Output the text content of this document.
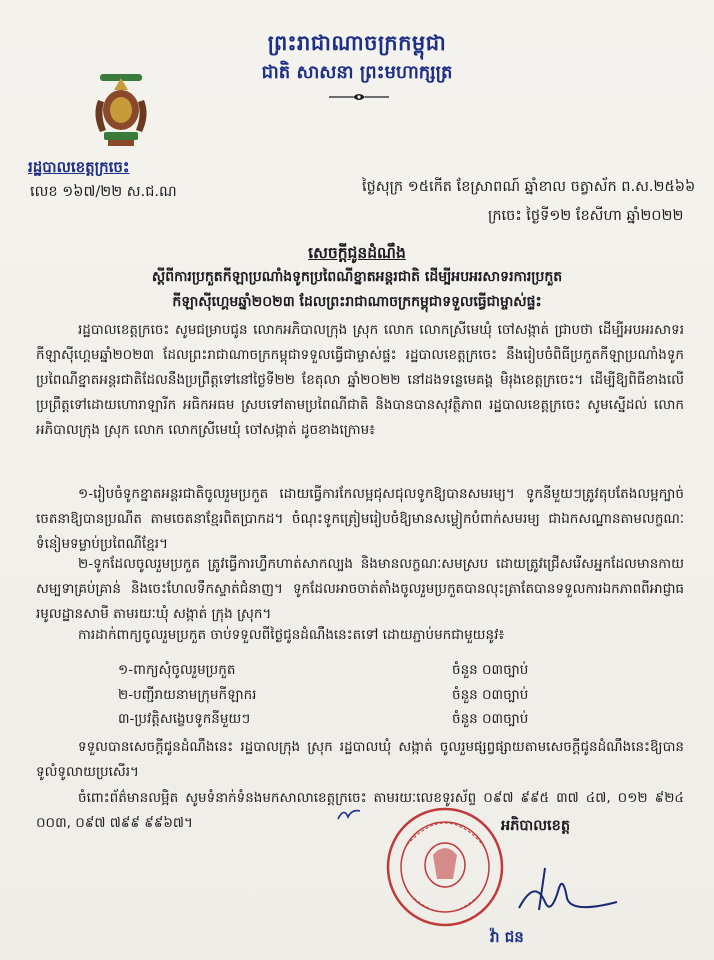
ព្រះរាជាណាចក្រកម្ពុជា
ជាតិ សាសនា ព្រះមហាក្សត្រ
រដ្ឋបាលខេត្តក្រចេះ
លេខ ១៦៧/២២ ស.ជ.ណ	ថ្ងៃសុក្រ ១៥កើត ខែស្រាពណ៍ ឆ្នាំខាល ចត្វាស័ក ព.ស.២៥៦៦
ក្រចេះ ថ្ងៃទី១២ ខែសីហា ឆ្នាំ២០២២
សេចក្តីជូនដំណឹង
ស្តីពីការប្រកួតកីឡាប្រណាំងទូកប្រពៃណីខ្នាតអន្តរជាតិ ដើម្បីអបអរសាទរការប្រកួត
កីឡាស៊ីហ្គេមឆ្នាំ២០២៣ ដែលព្រះរាជាណាចក្រកម្ពុជាទទួលធ្វើជាម្ចាស់ផ្ទះ
រដ្ឋបាលខេត្តក្រចេះ សូមជម្រាបជូន លោកអភិបាលក្រុង ស្រុក លោក លោកស្រីមេឃុំ ចៅសង្កាត់ ជ្រាបថា ដើម្បីអបអរសាទរ កីឡាស៊ីហ្គេមឆ្នាំ២០២៣ ដែលព្រះរាជាណាចក្រកម្ពុជាទទួលធ្វើជាម្ចាស់ផ្ទះ រដ្ឋបាលខេត្តក្រចេះ នឹងរៀបចំពិធីប្រកួតកីឡាប្រណាំងទូកប្រពៃណីខ្នាតអន្តរជាតិដែលនឹងប្រព្រឹត្តទៅនៅថ្ងៃទី២២ ខែតុលា ឆ្នាំ២០២២ នៅដងទន្លេមេគង្គ មិរុងខេត្តក្រចេះ។ ដើម្បីឱ្យពិធីខាងលើប្រព្រឹត្តទៅដោយហោរាឡារីក អធិកអធម ស្របទៅតាមប្រពៃណីជាតិ និងបានបានសុវត្ថិភាព រដ្ឋបាលខេត្តក្រចេះ សូមស្នើដល់ លោកអភិបាលក្រុង ស្រុក លោក លោកស្រីមេឃុំ ចៅសង្កាត់ ដូចខាងក្រោម៖
១-រៀបចំទូកខ្នាតអន្តរជាតិចូលរួមប្រកួត ដោយធ្វើការកែលម្អជុសជុលទូកឱ្យបានសមរម្យ។ ទូកនីមួយៗត្រូវតុបតែងលម្អក្បាច់ចេតនាឱ្យបានប្រណីត តាមចេតនាខ្មែរពិតប្រាកដ។ ចំណុះទូកត្រៀមរៀបចំឱ្យមានសម្លៀកបំពាក់សមរម្យ ជាឯកសណ្ឋានតាមលក្ខណៈទំនៀមទម្លាប់ប្រពៃណីខ្មែរ។
២-ទូកដែលចូលរួមប្រកួត ត្រូវធ្វើការហ្វឹកហាត់សាកល្បង និងមានលក្ខណៈសមស្រប ដោយត្រូវជ្រើសរើសអ្នកដែលមានកាយសម្បទាគ្រប់គ្រាន់ និងចេះហែលទឹកស្ទាត់ជំនាញ។ ទូកដែលអាចចាត់តាំងចូលរួមប្រកួតបានលុះត្រាតែបានទទួលការឯកភាពពីអាជ្ញាធរមូលដ្ឋានសាមី តាមរយៈឃុំ សង្កាត់ ក្រុង ស្រុក។
ការដាក់ពាក្យចូលរួមប្រកួត ចាប់ទទួលពីថ្ងៃជូនដំណឹងនេះតទៅ ដោយភ្ជាប់មកជាមួយនូវ៖
១-ពាក្យសុំចូលរួមប្រកួត	ចំនួន ០៣ច្បាប់
២-បញ្ជីរាយនាមក្រុមកីឡាករ	ចំនួន ០៣ច្បាប់
៣-ប្រវត្តិសង្ខេបទូកនីមួយៗ	ចំនួន ០៣ច្បាប់
ទទួលបានសេចក្តីជូនដំណឹងនេះ រដ្ឋបាលក្រុង ស្រុក រដ្ឋបាលឃុំ សង្កាត់ ចូលរួមផ្សព្វផ្សាយតាមសេចក្តីជូនដំណឹងនេះឱ្យបានទូលំទូលាយប្រសើរ។
ចំពោះព័ត៌មានលម្អិត សូមទំនាក់ទំនងមកសាលាខេត្តក្រចេះ តាមរយៈលេខទូរស័ព្ទ ០៩៧ ៩៩៥ ៣៧ ៤៧, ០១២ ៩២៤ ០០៣, ០៩៧ ៧៩៩ ៩៩៦៧។	អភិបាលខេត្ត
វ៉ា ជន
